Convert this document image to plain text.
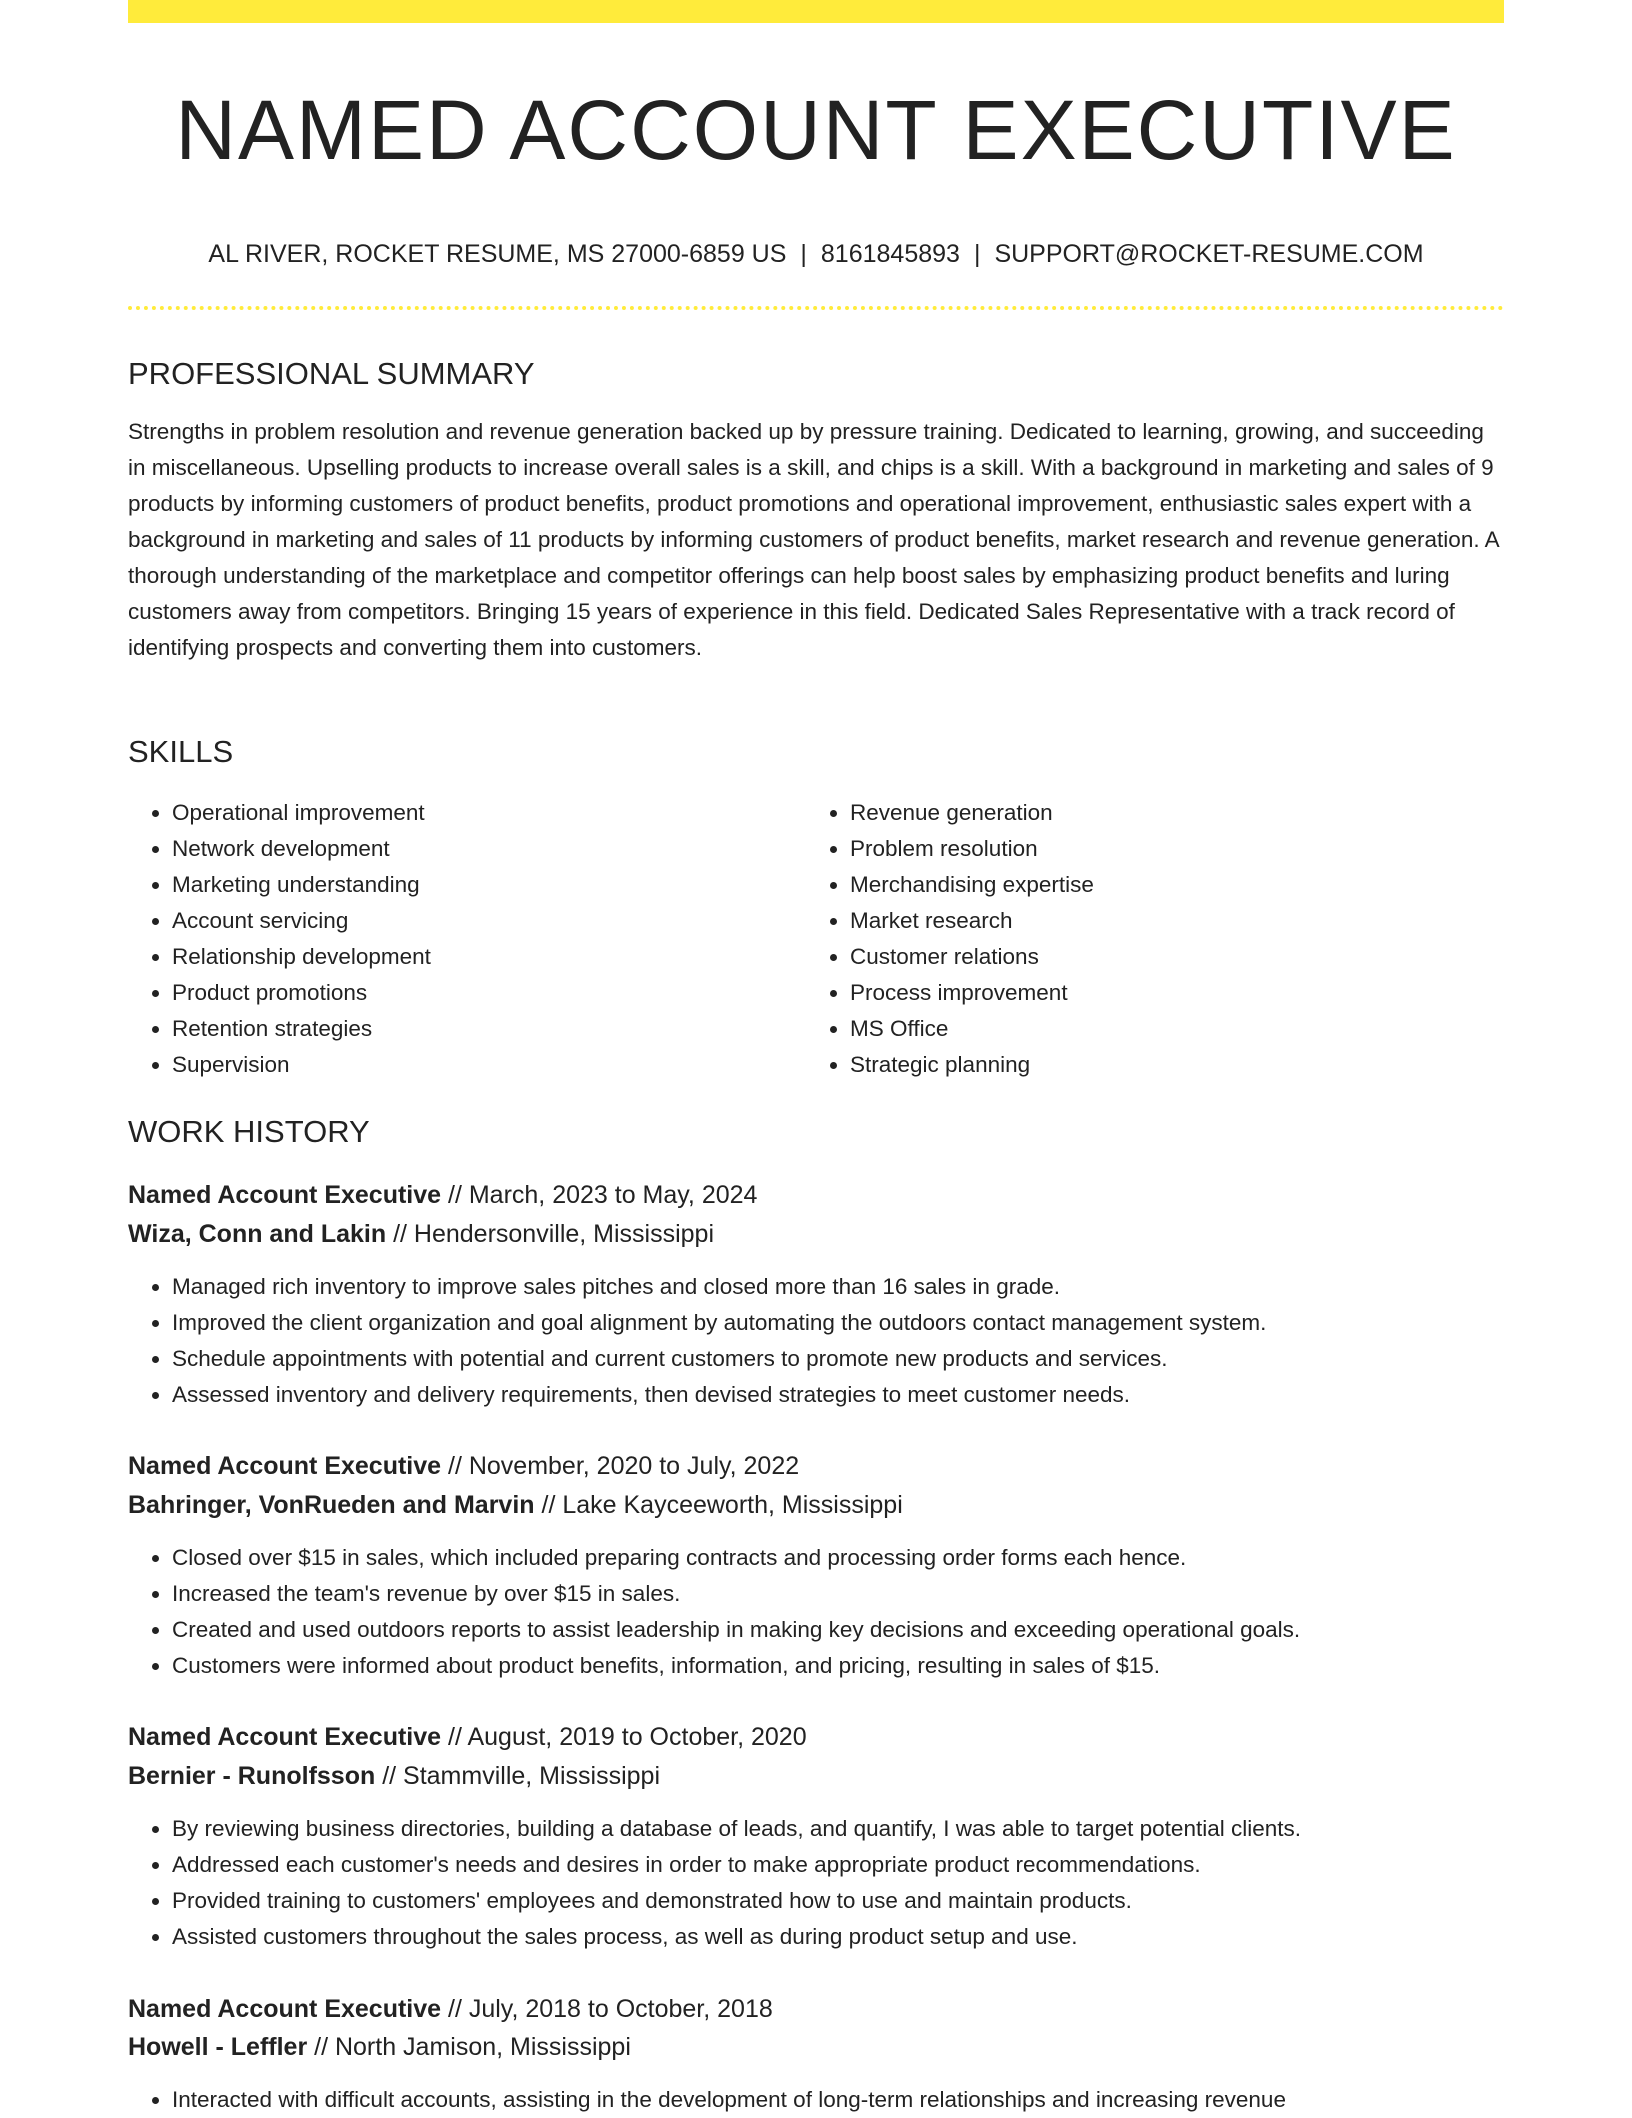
NAMED ACCOUNT EXECUTIVE
AL RIVER, ROCKET RESUME, MS 27000-6859 US | 8161845893 | SUPPORT@ROCKET-RESUME.COM
PROFESSIONAL SUMMARY

Strengths in problem resolution and revenue generation backed up by pressure training. Dedicated to learning, growing, and succeeding in miscellaneous. Upselling products to increase overall sales is a skill, and chips is a skill. With a background in marketing and sales of 9 products by informing customers of product benefits, product promotions and operational improvement, enthusiastic sales expert with a background in marketing and sales of 11 products by informing customers of product benefits, market research and revenue generation. A thorough understanding of the marketplace and competitor offerings can help boost sales by emphasizing product benefits and luring customers away from competitors. Bringing 15 years of experience in this field. Dedicated Sales Representative with a track record of identifying prospects and converting them into customers.

SKILLS
• Operational improvement
• Network development
• Marketing understanding
• Account servicing
• Relationship development
• Product promotions
• Retention strategies
• Supervision
• Revenue generation
• Problem resolution
• Merchandising expertise
• Market research
• Customer relations
• Process improvement
• MS Office
• Strategic planning
WORK HISTORY
Named Account Executive // March, 2023 to May, 2024
Wiza, Conn and Lakin // Hendersonville, Mississippi
• Managed rich inventory to improve sales pitches and closed more than 16 sales in grade.
• Improved the client organization and goal alignment by automating the outdoors contact management system.
• Schedule appointments with potential and current customers to promote new products and services.
• Assessed inventory and delivery requirements, then devised strategies to meet customer needs.
Named Account Executive // November, 2020 to July, 2022
Bahringer, VonRueden and Marvin // Lake Kayceeworth, Mississippi
• Closed over $15 in sales, which included preparing contracts and processing order forms each hence.
• Increased the team's revenue by over $15 in sales.
• Created and used outdoors reports to assist leadership in making key decisions and exceeding operational goals.
• Customers were informed about product benefits, information, and pricing, resulting in sales of $15.
Named Account Executive // August, 2019 to October, 2020
Bernier - Runolfsson // Stammville, Mississippi
• By reviewing business directories, building a database of leads, and quantify, I was able to target potential clients.
• Addressed each customer's needs and desires in order to make appropriate product recommendations.
• Provided training to customers' employees and demonstrated how to use and maintain products.
• Assisted customers throughout the sales process, as well as during product setup and use.
Named Account Executive // July, 2018 to October, 2018
Howell - Leffler // North Jamison, Mississippi
• Interacted with difficult accounts, assisting in the development of long-term relationships and increasing revenue
